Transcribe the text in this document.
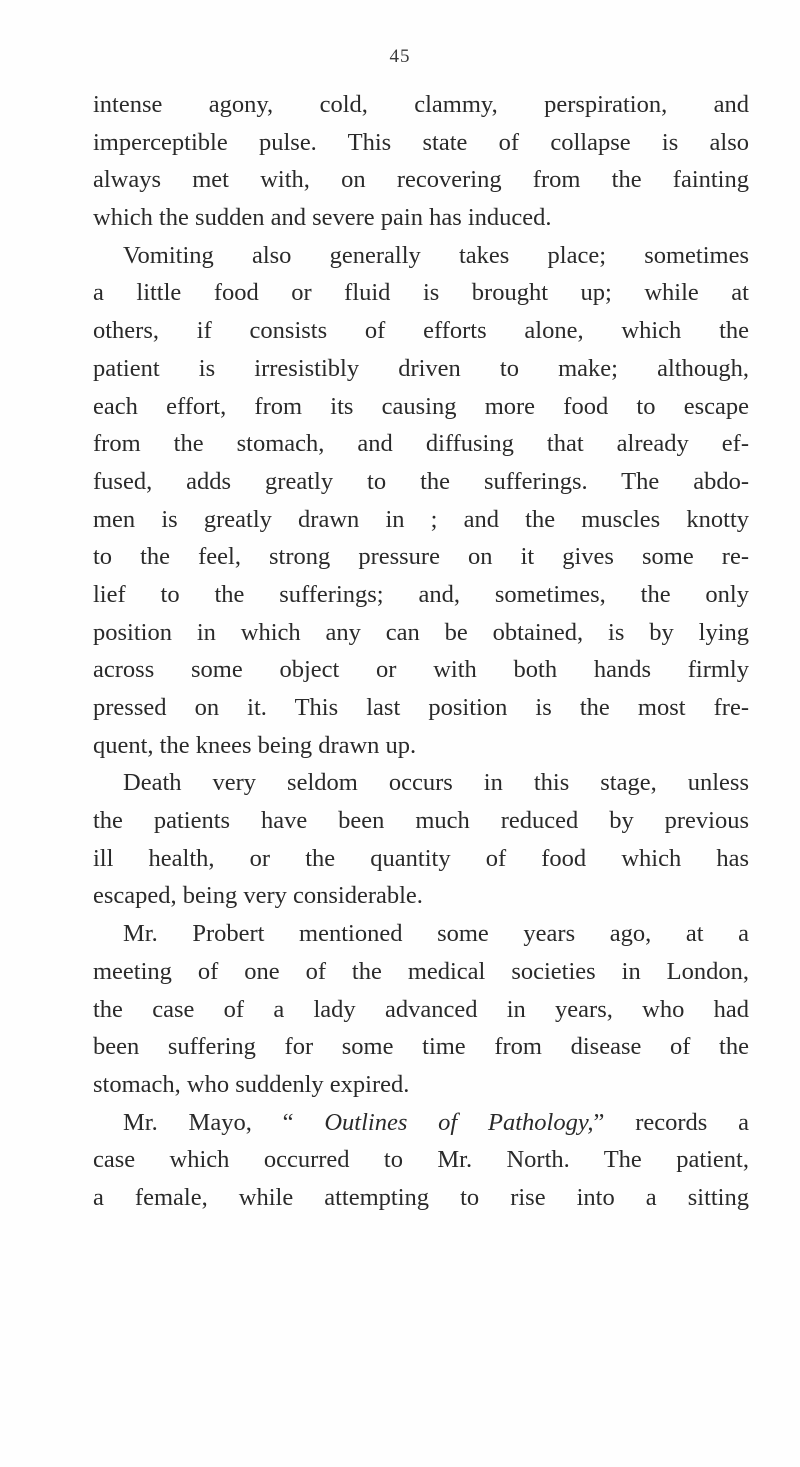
45
intense agony, cold, clammy, perspiration, and
imperceptible pulse. This state of collapse is also
always met with, on recovering from the fainting
which the sudden and severe pain has induced.
Vomiting also generally takes place; sometimes
a little food or fluid is brought up; while at
others, if consists of efforts alone, which the
patient is irresistibly driven to make; although,
each effort, from its causing more food to escape
from the stomach, and diffusing that already ef-
fused, adds greatly to the sufferings. The abdo-
men is greatly drawn in ; and the muscles knotty
to the feel, strong pressure on it gives some re-
lief to the sufferings; and, sometimes, the only
position in which any can be obtained, is by lying
across some object or with both hands firmly
pressed on it. This last position is the most fre-
quent, the knees being drawn up.
Death very seldom occurs in this stage, unless
the patients have been much reduced by previous
ill health, or the quantity of food which has
escaped, being very considerable.
Mr. Probert mentioned some years ago, at a
meeting of one of the medical societies in London,
the case of a lady advanced in years, who had
been suffering for some time from disease of the
stomach, who suddenly expired.
Mr. Mayo, “ Outlines of Pathology,” records a
case which occurred to Mr. North. The patient,
a female, while attempting to rise into a sitting
